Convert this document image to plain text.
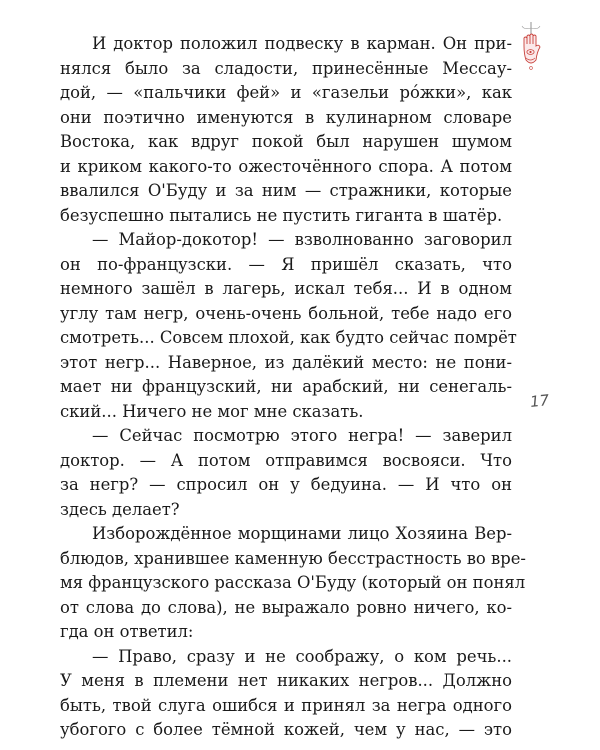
И доктор положил подвеску в карман. Он при-
нялся было за сладости, принесённые Мессау-
дой, — «пальчики фей» и «газельи рóжки», как
они поэтично именуются в кулинарном словаре
Востока, как вдруг покой был нарушен шумом
и криком какого-то ожесточённого спора. А потом
ввалился О'Буду и за ним — стражники, которые
безуспешно пытались не пустить гиганта в шатёр.
— Майор-докотор! — взволнованно заговорил
он по-французски. — Я пришёл сказать, что
немного зашёл в лагерь, искал тебя... И в одном
углу там негр, очень-очень больной, тебе надо его
смотреть... Совсем плохой, как будто сейчас помрёт
этот негр... Наверное, из далёкий место: не пони-
мает ни французский, ни арабский, ни сенегаль-
ский... Ничего не мог мне сказать.
— Сейчас посмотрю этого негра! — заверил
доктор. — А потом отправимся восвояси. Что
за негр? — спросил он у бедуина. — И что он
здесь делает?
Изборождённое морщинами лицо Хозяина Вер-
блюдов, хранившее каменную бесстрастность во вре-
мя французского рассказа О'Буду (который он понял
от слова до слова), не выражало ровно ничего, ко-
гда он ответил:
— Право, сразу и не соображу, о ком речь...
У меня в племени нет никаких негров... Должно
быть, твой слуга ошибся и принял за негра одного
убогого с более тёмной кожей, чем у нас, — это
17
